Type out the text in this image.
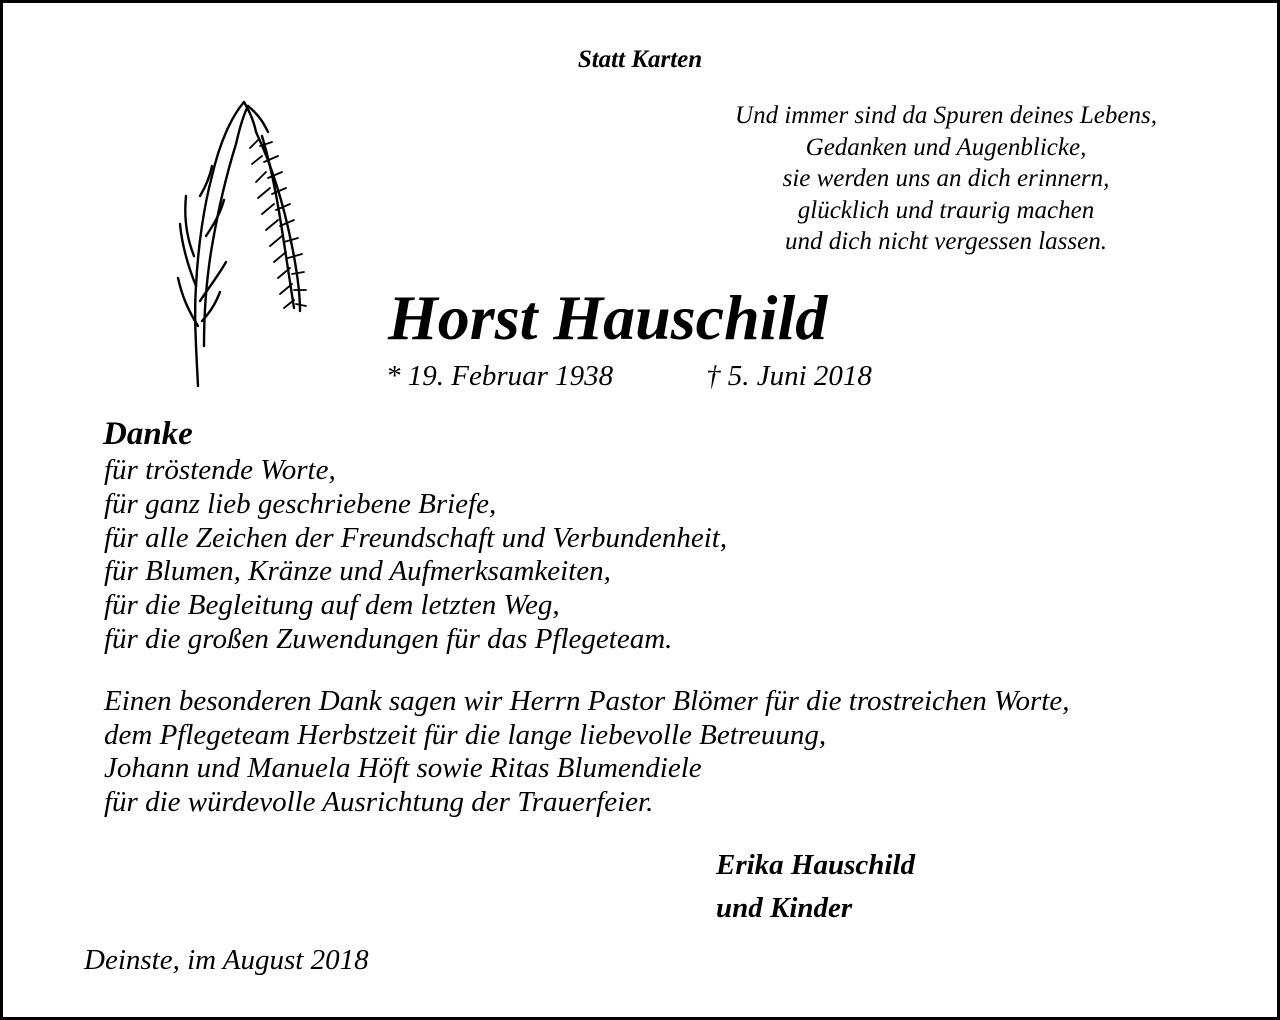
Statt Karten
Und immer sind da Spuren deines Lebens,
Gedanken und Augenblicke,
sie werden uns an dich erinnern,
glücklich und traurig machen
und dich nicht vergessen lassen.
Horst Hauschild
* 19. Februar 1938	† 5. Juni 2018
Danke
für tröstende Worte,
für ganz lieb geschriebene Briefe,
für alle Zeichen der Freundschaft und Verbundenheit,
für Blumen, Kränze und Aufmerksamkeiten,
für die Begleitung auf dem letzten Weg,
für die großen Zuwendungen für das Pflegeteam.
Einen besonderen Dank sagen wir Herrn Pastor Blömer für die trostreichen Worte,
dem Pflegeteam Herbstzeit für die lange liebevolle Betreuung,
Johann und Manuela Höft sowie Ritas Blumendiele
für die würdevolle Ausrichtung der Trauerfeier.
Erika Hauschild
und Kinder
Deinste, im August 2018
